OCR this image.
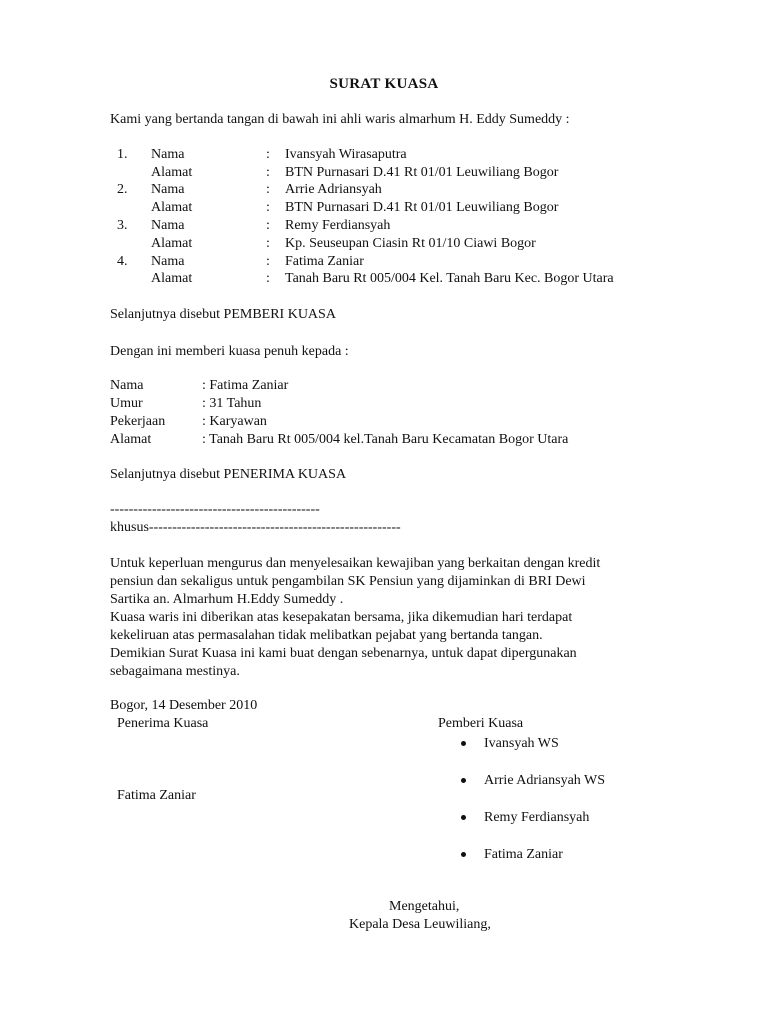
SURAT KUASA
Kami yang bertanda tangan di bawah ini ahli waris almarhum H. Eddy Sumeddy :
1. Nama	: Ivansyah Wirasaputra
Alamat	: BTN Purnasari D.41 Rt 01/01 Leuwiliang Bogor
2. Nama	: Arrie Adriansyah
Alamat	: BTN Purnasari D.41 Rt 01/01 Leuwiliang Bogor
3. Nama	: Remy Ferdiansyah
Alamat	: Kp. Seuseupan Ciasin Rt 01/10 Ciawi Bogor
4. Nama	: Fatima Zaniar
Alamat	: Tanah Baru Rt 005/004 Kel. Tanah Baru Kec. Bogor Utara
Selanjutnya disebut PEMBERI KUASA
Dengan ini memberi kuasa penuh kepada :
Nama	: Fatima Zaniar
Umur	: 31 Tahun
Pekerjaan	: Karyawan
Alamat	: Tanah Baru Rt 005/004 kel.Tanah Baru Kecamatan Bogor Utara
Selanjutnya disebut PENERIMA KUASA
---------------------------------------------
khusus------------------------------------------------------
Untuk keperluan mengurus dan menyelesaikan kewajiban yang berkaitan dengan kredit
pensiun dan sekaligus untuk pengambilan SK Pensiun yang dijaminkan di BRI Dewi
Sartika an. Almarhum H.Eddy Sumeddy .
Kuasa waris ini diberikan atas kesepakatan bersama, jika dikemudian hari terdapat
kekeliruan atas permasalahan tidak melibatkan pejabat yang bertanda tangan.
Demikian Surat Kuasa ini kami buat dengan sebenarnya, untuk dapat dipergunakan
sebagaimana mestinya.
Bogor, 14 Desember 2010
Penerima Kuasa
Fatima Zaniar
Pemberi Kuasa
Ivansyah WS
Arrie Adriansyah WS
Remy Ferdiansyah
Fatima Zaniar
Mengetahui,
Kepala Desa Leuwiliang,
